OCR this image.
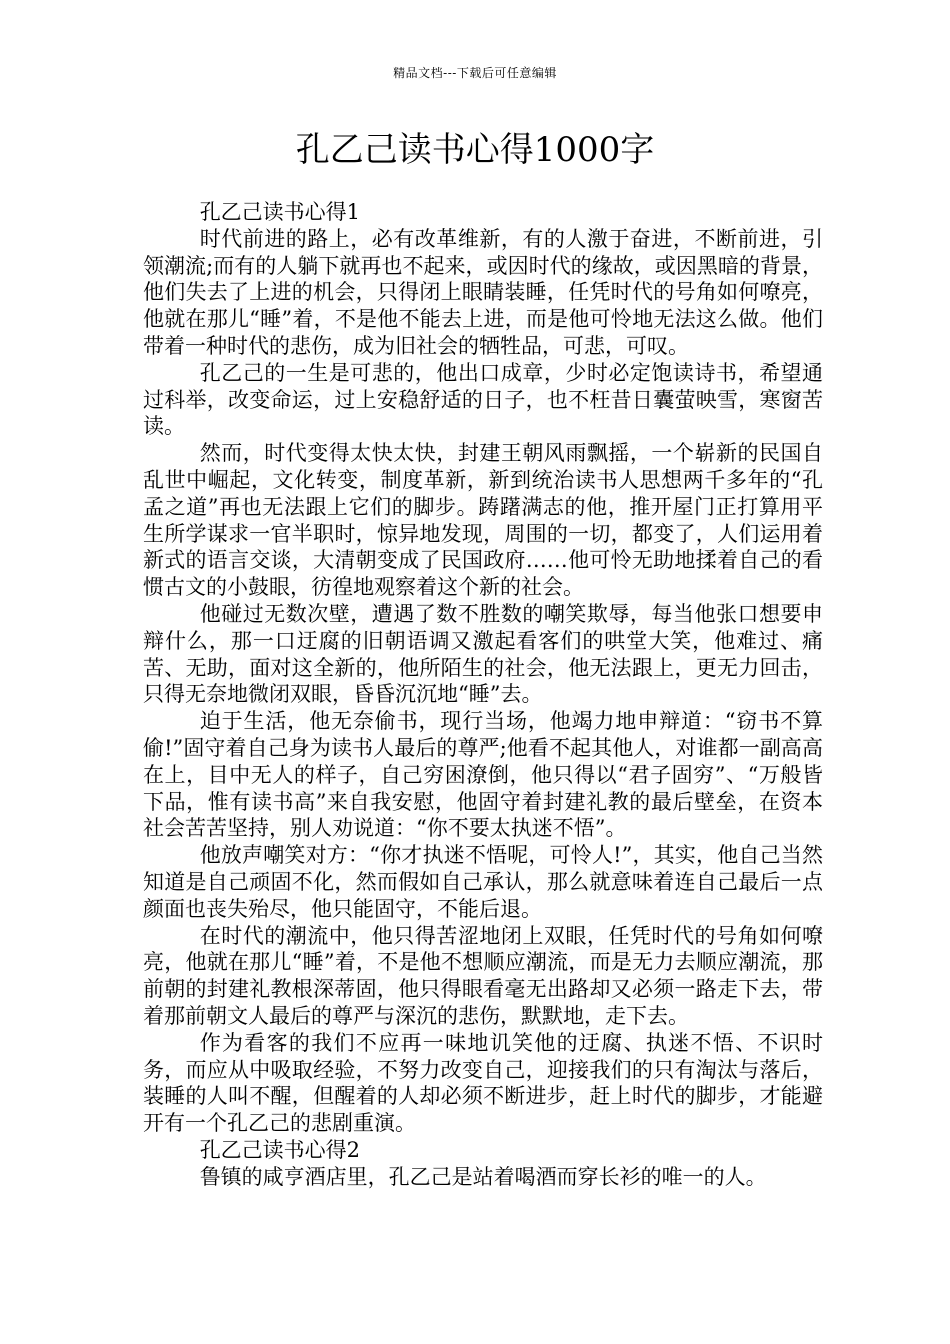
精品文档---下载后可任意编辑
孔乙己读书心得1000字

孔乙己读书心得1

时代前进的路上，必有改革维新，有的人激于奋进，不断前进，引领潮流;而有的人躺下就再也不起来，或因时代的缘故，或因黑暗的背景，他们失去了上进的机会，只得闭上眼睛装睡，任凭时代的号角如何嘹亮，他就在那儿“睡”着，不是他不能去上进，而是他可怜地无法这么做。他们带着一种时代的悲伤，成为旧社会的牺牲品，可悲，可叹。

孔乙己的一生是可悲的，他出口成章，少时必定饱读诗书，希望通过科举，改变命运，过上安稳舒适的日子，也不枉昔日囊萤映雪，寒窗苦读。

然而，时代变得太快太快，封建王朝风雨飘摇，一个崭新的民国自乱世中崛起，文化转变，制度革新，新到统治读书人思想两千多年的“孔孟之道”再也无法跟上它们的脚步。踌躇满志的他，推开屋门正打算用平生所学谋求一官半职时，惊异地发现，周围的一切，都变了，人们运用着新式的语言交谈，大清朝变成了民国政府……他可怜无助地揉着自己的看惯古文的小鼓眼，彷徨地观察着这个新的社会。

他碰过无数次壁，遭遇了数不胜数的嘲笑欺辱，每当他张口想要申辩什么，那一口迂腐的旧朝语调又激起看客们的哄堂大笑，他难过、痛苦、无助，面对这全新的，他所陌生的社会，他无法跟上，更无力回击，只得无奈地微闭双眼，昏昏沉沉地“睡”去。

迫于生活，他无奈偷书，现行当场，他竭力地申辩道：“窃书不算偷!”固守着自己身为读书人最后的尊严;他看不起其他人，对谁都一副高高在上，目中无人的样子，自己穷困潦倒，他只得以“君子固穷”、“万般皆下品，惟有读书高”来自我安慰，他固守着封建礼教的最后壁垒，在资本社会苦苦坚持，别人劝说道：“你不要太执迷不悟”。

他放声嘲笑对方：“你才执迷不悟呢，可怜人!”，其实，他自己当然知道是自己顽固不化，然而假如自己承认，那么就意味着连自己最后一点颜面也丧失殆尽，他只能固守，不能后退。

在时代的潮流中，他只得苦涩地闭上双眼，任凭时代的号角如何嘹亮，他就在那儿“睡”着，不是他不想顺应潮流，而是无力去顺应潮流，那前朝的封建礼教根深蒂固，他只得眼看毫无出路却又必须一路走下去，带着那前朝文人最后的尊严与深沉的悲伤，默默地，走下去。

作为看客的我们不应再一味地讥笑他的迂腐、执迷不悟、不识时务，而应从中吸取经验，不努力改变自己，迎接我们的只有淘汰与落后，装睡的人叫不醒，但醒着的人却必须不断进步，赶上时代的脚步，才能避开有一个孔乙己的悲剧重演。

孔乙己读书心得2

鲁镇的咸亨酒店里，孔乙己是站着喝酒而穿长衫的唯一的人。
